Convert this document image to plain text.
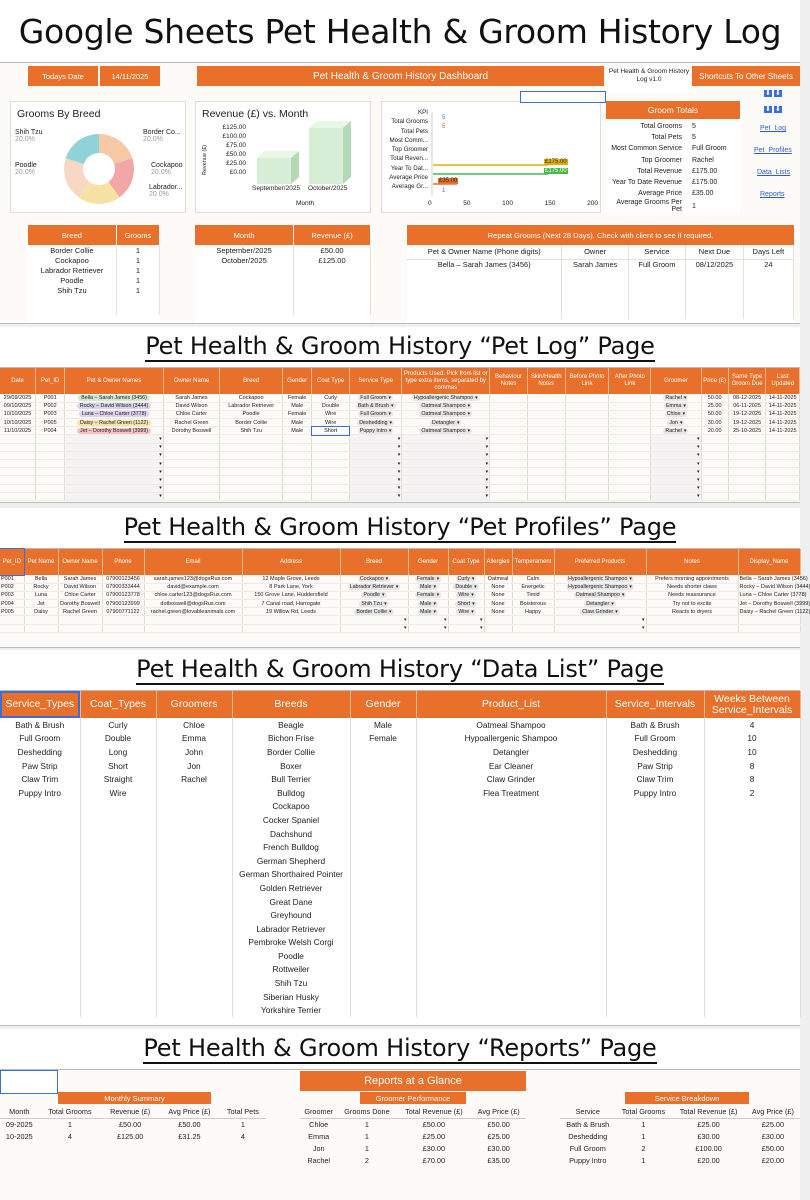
Google Sheets Pet Health & Groom History Log
Todays Date	14/11/2025	Pet Health & Groom History Dashboard	Pet Health & Groom History Log v1.0	Shortcuts To Other Sheets
Grooms By Breed
Shih Tzu
20.0%
Border Co...
20.0%
Poodle
20.0%
Cockapoo
20.0%
Labrador...
20.0%
Revenue (£) vs. Month
£125.00
£100.00
£75.00
£50.00
£25.00
£0.00
Revenue (£)
September/2025 October/2025
Month
KPI
Total Grooms
Total Pets
Most Comm...
Top Groomer
Total Reven...
Year To Dat...
Average Price
Average Gr...
5
5
£175.00
£175.00
£35.00
1
0	50	100	150	200
Groom Totals
Total Grooms	5
Total Pets	5
Most Common Service	Full Groom
Top Groomer	Rachel
Total Revenue	£175.00
Year To Date Revenue	£175.00
Average Price	£35.00
Average Grooms Per Pet	1
⬇ ⬇
⬇ ⬇
Pet_Log
Pet_Profiles
Data_Lists
Reports
Breed	Grooms
Border Collie	1
Cockapoo	1
Labrador Retriever	1
Poodle	1
Shih Tzu	1

Month	Revenue (£)
September/2025	£50.00
October/2025	£125.00

Repeat Grooms (Next 28 Days). Check with client to see if required.
Pet & Owner Name (Phone digits)	Owner	Service	Next Due	Days Left
Bella – Sarah James (3456)	Sarah James	Full Groom	08/12/2025	24

Pet Health & Groom History “Pet Log” Page
Date	Pet_ID	Pet & Owner Names	Owner Name	Breed	Gender	Coat Type	Service Type	Products Used. Pick from list or type extra items, separated by commas	Behaviour Notes	Skin/Health Notes	Before Photo Link	After Photo Link	Groomer	Price (£)	Same Type Groom Due	Last Updated
29/09/2025	P001	Bella – Sarah James (3456)	Sarah James	Cockapoo	Female	Curly	Full Groom ▾	Hypoallergenic Shampoo ▾					Rachel ▾	50.00	08-12-2025	14-11-2025
09/10/2025	P002	Rocky – David Wilson (3444)	David Wilson	Labrador Retriever	Male	Double	Bath & Brush ▾	Oatmeal Shampoo ▾					Emma ▾	25.00	06-11-2025	14-11-2025
10/10/2025	P003	Luna – Chloe Carter (3778)	Chloe Carter	Poodle	Female	Wire	Full Groom ▾	Oatmeal Shampoo ▾					Chloe ▾	50.00	19-12-2025	14-11-2025
10/10/2025	P005	Daisy – Rachel Green (1122)	Rachel Green	Border Collie	Male	Wire	Deshedding ▾	Detangler ▾					Jon ▾	30.00	19-12-2025	14-11-2025
11/10/2025	P004	Jet – Dorothy Boswell (3999)	Dorothy Boswell	Shih Tzu	Male	Short	Puppy Intro ▾	Oatmeal Shampoo ▾					Rachel ▾	20.00	25-10-2025	14-11-2025

		▾					▾	▾					▾			

		▾					▾	▾					▾			

		▾					▾	▾					▾			

		▾					▾	▾					▾			

		▾					▾	▾					▾			

		▾					▾	▾					▾			

		▾					▾	▾					▾			

		▾					▾	▾					▾			

Pet Health & Groom History “Pet Profiles” Page
Pet_ID	Pet Name	Owner Name	Phone	Email	Address	Breed	Gender	Coat Type	Allergies	Temperament	Preferred Products	Notes	Display_Name
P001	Bella	Sarah James	07900123456	sarah.james123@dogsRus.com	12 Maple Grove, Leeds	Cockapoo ▾	Female ▾	Curly ▾	Oatmeal	Calm	Hypoallergenic Shampoo ▾	Prefers morning appointments	Bella – Sarah James (3456)
P002	Rocky	David Wilson	07900333444	david@example.com	8 Park Lane, York	Labrador Retriever ▾	Male ▾	Double ▾	None	Energetic	Hypoallergenic Shampoo ▾	Needs shorter claws	Rocky – David Wilson (3444)
P003	Luna	Chloe Carter	07900123778	chloe.carter123@dogsRus.com	150 Grove Lane, Huddersfield	Poodle ▾	Female ▾	Wire ▾	None	Timid	Oatmeal Shampoo ▾	Needs reassurance	Luna – Chloe Carter (3778)
P004	Jet	Dorothy Boswell	07900123999	dotboswell@dogsRus.com	7 Canal road, Harrogate	Shih Tzu ▾	Male ▾	Short ▾	None	Boisterous	Detangler ▾	Try not to excite	Jet – Dorothy Boswell (3999)
P005	Daisy	Rachel Green	07900771122	rachel.green@lovableanimals.com	19 Willow Rd, Leeds	Border Collie ▾	Male ▾	Wire ▾	None	Happy	Claw Grinder ▾	Reacts to dryers	Daisy – Rachel Green (1122)

						▾	▾	▾			▾		

						▾	▾	▾			▾		

Pet Health & Groom History “Data List” Page
Service_Types	Coat_Types	Groomers	Breeds	Gender	Product_List	Service_Intervals	Weeks Between Service_Intervals
Bath & Brush	Curly	Chloe	Beagle	Male	Oatmeal Shampoo	Bath & Brush	4
Full Groom	Double	Emma	Bichon Frise	Female	Hypoallergenic Shampoo	Full Groom	10
Deshedding	Long	John	Border Collie		Detangler	Deshedding	10
Paw Strip	Short	Jon	Boxer		Ear Cleaner	Paw Strip	8
Claw Trim	Straight	Rachel	Bull Terrier		Claw Grinder	Claw Trim	8
Puppy Intro	Wire		Bulldog		Flea Treatment	Puppy Intro	2
			Cockapoo				
			Cocker Spaniel				
			Dachshund				
			French Bulldog				
			German Shepherd				
			German Shorthaired Pointer				
			Golden Retriever				
			Great Dane				
			Greyhound				
			Labrador Retriever				
			Pembroke Welsh Corgi				
			Poodle				
			Rottweiler				
			Shih Tzu				
			Siberian Husky				
			Yorkshire Terrier				
Pet Health & Groom History “Reports” Page
Reports at a Glance
Monthly Summary
Month	Total Grooms	Revenue (£)	Avg Price (£)	Total Pets
09-2025	1	£50.00	£50.00	1
10-2025	4	£125.00	£31.25	4
Groomer Performance
Groomer	Grooms Done	Total Revenue (£)	Avg Price (£)
Chloe	1	£50.00	£50.00
Emma	1	£25.00	£25.00
Jon	1	£30.00	£30.00
Rachel	2	£70.00	£35.00
Service Breakdown
Service	Total Grooms	Total Revenue (£)	Avg Price (£)
Bath & Brush	1	£25.00	£25.00
Deshedding	1	£30.00	£30.00
Full Groom	2	£100.00	£50.00
Puppy Intro	1	£20.00	£20.00
